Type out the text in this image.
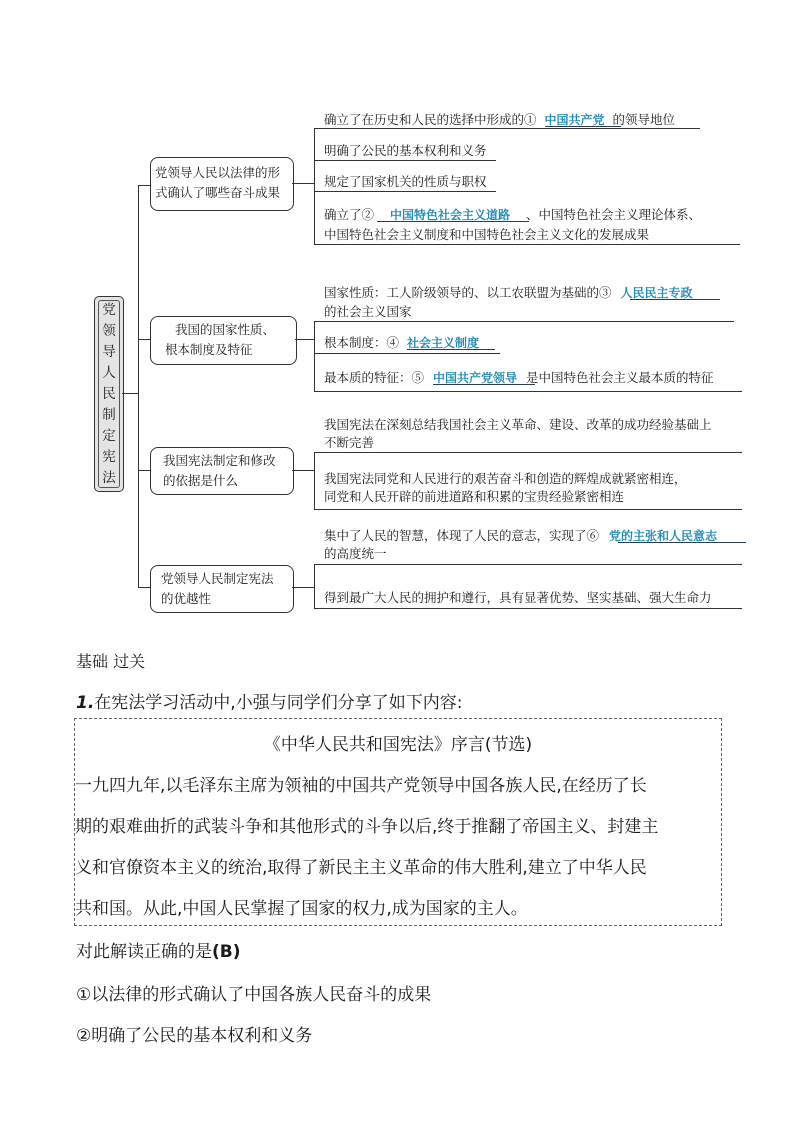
党
领
导
人
民
制
定
宪
法
党领导人民以法律的形
式确认了哪些奋斗成果
确立了在历史和人民的选择中形成的① 中国共产党 的领导地位
明确了公民的基本权利和义务
规定了国家机关的性质与职权
确立了② 中国特色社会主义道路 、中国特色社会主义理论体系、
中国特色社会主义制度和中国特色社会主义文化的发展成果
我国的国家性质、
根本制度及特征
国家性质：工人阶级领导的、以工农联盟为基础的③ 人民民主专政
的社会主义国家
根本制度：④ 社会主义制度
最本质的特征：⑤ 中国共产党领导 是中国特色社会主义最本质的特征
我国宪法制定和修改
的依据是什么
我国宪法在深刻总结我国社会主义革命、建设、改革的成功经验基础上
不断完善
我国宪法同党和人民进行的艰苦奋斗和创造的辉煌成就紧密相连，
同党和人民开辟的前进道路和积累的宝贵经验紧密相连
党领导人民制定宪法
的优越性
集中了人民的智慧，体现了人民的意志，实现了⑥ 党的主张和人民意志
的高度统一
得到最广大人民的拥护和遵行，具有显著优势、坚实基础、强大生命力
基础 过关
1.在宪法学习活动中,小强与同学们分享了如下内容:
《中华人民共和国宪法》序言(节选)
一九四九年,以毛泽东主席为领袖的中国共产党领导中国各族人民,在经历了长
期的艰难曲折的武装斗争和其他形式的斗争以后,终于推翻了帝国主义、封建主
义和官僚资本主义的统治,取得了新民主主义革命的伟大胜利,建立了中华人民
共和国。从此,中国人民掌握了国家的权力,成为国家的主人。
对此解读正确的是(B)
①以法律的形式确认了中国各族人民奋斗的成果
②明确了公民的基本权利和义务
